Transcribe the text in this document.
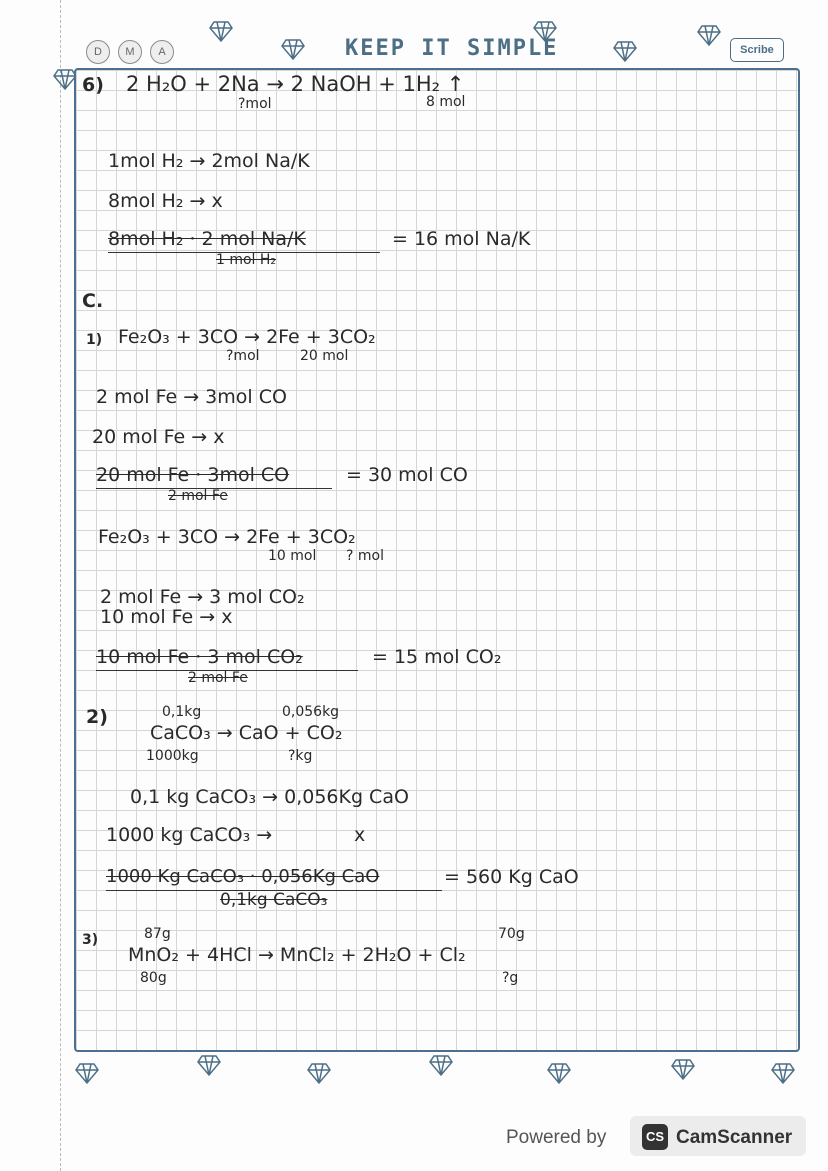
D	M	A	KEEP IT SIMPLE	Scribe
6) 2 H₂O + 2Na → 2 NaOH + 1H₂ ↑
?mol	8 mol
1mol H₂ → 2mol Na/K
8mol H₂ → x
8mol H₂ · 2 mol Na/K
1 mol H₂
= 16 mol Na/K
C.
1) Fe₂O₃ + 3CO → 2Fe + 3CO₂
?mol	20 mol
2 mol Fe → 3mol CO
20 mol Fe → x
20 mol Fe · 3mol CO
2 mol Fe
= 30 mol CO
Fe₂O₃ + 3CO → 2Fe + 3CO₂
10 mol ? mol
2 mol Fe → 3 mol CO₂
10 mol Fe → x
10 mol Fe · 3 mol CO₂
2 mol Fe
= 15 mol CO₂
2)	0,1kg	0,056kg
CaCO₃ → CaO + CO₂
1000kg	?kg
0,1 kg CaCO₃ → 0,056Kg CaO
1000 kg CaCO₃ →	x
1000 Kg CaCO₃ · 0,056Kg CaO
0,1kg CaCO₃
= 560 Kg CaO
3)	87g	70g
MnO₂ + 4HCl → MnCl₂ + 2H₂O + Cl₂
80g	?g
Powered by	CS CamScanner
